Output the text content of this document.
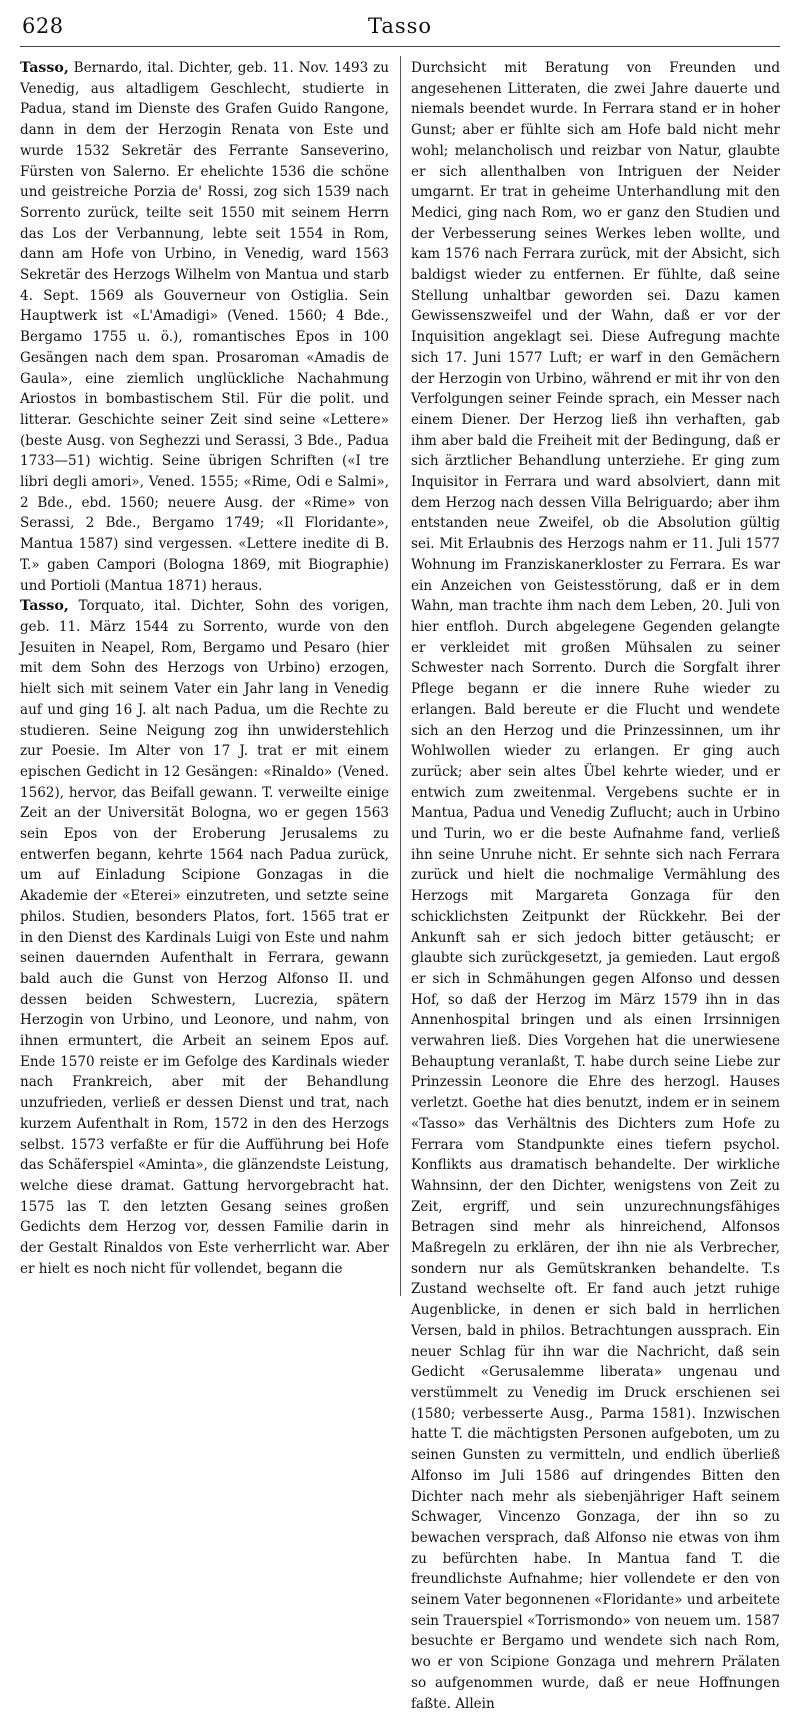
628	Tasso

Tasso, Bernardo, ital. Dichter, geb. 11. Nov. 1493 zu Venedig, aus altadligem Geschlecht, studierte in Padua, stand im Dienste des Grafen Guido Rangone, dann in dem der Herzogin Renata von Este und wurde 1532 Sekretär des Ferrante Sanseverino, Fürsten von Salerno. Er ehelichte 1536 die schöne und geistreiche Porzia de' Rossi, zog sich 1539 nach Sorrento zurück, teilte seit 1550 mit seinem Herrn das Los der Verbannung, lebte seit 1554 in Rom, dann am Hofe von Urbino, in Venedig, ward 1563 Sekretär des Herzogs Wilhelm von Mantua und starb 4. Sept. 1569 als Gouverneur von Ostiglia. Sein Hauptwerk ist «L'Amadigi» (Vened. 1560; 4 Bde., Bergamo 1755 u. ö.), romantisches Epos in 100 Gesängen nach dem span. Prosaroman «Amadis de Gaula», eine ziemlich unglückliche Nachahmung Ariostos in bombastischem Stil. Für die polit. und litterar. Geschichte seiner Zeit sind seine «Lettere» (beste Ausg. von Seghezzi und Serassi, 3 Bde., Padua 1733—51) wichtig. Seine übrigen Schriften («I tre libri degli amori», Vened. 1555; «Rime, Odi e Salmi», 2 Bde., ebd. 1560; neuere Ausg. der «Rime» von Serassi, 2 Bde., Bergamo 1749; «Il Floridante», Mantua 1587) sind vergessen. «Lettere inedite di B. T.» gaben Campori (Bologna 1869, mit Biographie) und Portioli (Mantua 1871) heraus.

Tasso, Torquato, ital. Dichter, Sohn des vorigen, geb. 11. März 1544 zu Sorrento, wurde von den Jesuiten in Neapel, Rom, Bergamo und Pesaro (hier mit dem Sohn des Herzogs von Urbino) erzogen, hielt sich mit seinem Vater ein Jahr lang in Venedig auf und ging 16 J. alt nach Padua, um die Rechte zu studieren. Seine Neigung zog ihn unwiderstehlich zur Poesie. Im Alter von 17 J. trat er mit einem epischen Gedicht in 12 Gesängen: «Rinaldo» (Vened. 1562), hervor, das Beifall gewann. T. verweilte einige Zeit an der Universität Bologna, wo er gegen 1563 sein Epos von der Eroberung Jerusalems zu entwerfen begann, kehrte 1564 nach Padua zurück, um auf Einladung Scipione Gonzagas in die Akademie der «Eterei» einzutreten, und setzte seine philos. Studien, besonders Platos, fort. 1565 trat er in den Dienst des Kardinals Luigi von Este und nahm seinen dauernden Aufenthalt in Ferrara, gewann bald auch die Gunst von Herzog Alfonso II. und dessen beiden Schwestern, Lucrezia, spätern Herzogin von Urbino, und Leonore, und nahm, von ihnen ermuntert, die Arbeit an seinem Epos auf. Ende 1570 reiste er im Gefolge des Kardinals wieder nach Frankreich, aber mit der Behandlung unzufrieden, verließ er dessen Dienst und trat, nach kurzem Aufenthalt in Rom, 1572 in den des Herzogs selbst. 1573 verfaßte er für die Aufführung bei Hofe das Schäferspiel «Aminta», die glänzendste Leistung, welche diese dramat. Gattung hervorgebracht hat. 1575 las T. den letzten Gesang seines großen Gedichts dem Herzog vor, dessen Familie darin in der Gestalt Rinaldos von Este verherrlicht war. Aber er hielt es noch nicht für vollendet, begann die

Durchsicht mit Beratung von Freunden und angesehenen Litteraten, die zwei Jahre dauerte und niemals beendet wurde. In Ferrara stand er in hoher Gunst; aber er fühlte sich am Hofe bald nicht mehr wohl; melancholisch und reizbar von Natur, glaubte er sich allenthalben von Intriguen der Neider umgarnt. Er trat in geheime Unterhandlung mit den Medici, ging nach Rom, wo er ganz den Studien und der Verbesserung seines Werkes leben wollte, und kam 1576 nach Ferrara zurück, mit der Absicht, sich baldigst wieder zu entfernen. Er fühlte, daß seine Stellung unhaltbar geworden sei. Dazu kamen Gewissenszweifel und der Wahn, daß er vor der Inquisition angeklagt sei. Diese Aufregung machte sich 17. Juni 1577 Luft; er warf in den Gemächern der Herzogin von Urbino, während er mit ihr von den Verfolgungen seiner Feinde sprach, ein Messer nach einem Diener. Der Herzog ließ ihn verhaften, gab ihm aber bald die Freiheit mit der Bedingung, daß er sich ärztlicher Behandlung unterziehe. Er ging zum Inquisitor in Ferrara und ward absolviert, dann mit dem Herzog nach dessen Villa Belriguardo; aber ihm entstanden neue Zweifel, ob die Absolution gültig sei. Mit Erlaubnis des Herzogs nahm er 11. Juli 1577 Wohnung im Franziskanerkloster zu Ferrara. Es war ein Anzeichen von Geistesstörung, daß er in dem Wahn, man trachte ihm nach dem Leben, 20. Juli von hier entfloh. Durch abgelegene Gegenden gelangte er verkleidet mit großen Mühsalen zu seiner Schwester nach Sorrento. Durch die Sorgfalt ihrer Pflege begann er die innere Ruhe wieder zu erlangen. Bald bereute er die Flucht und wendete sich an den Herzog und die Prinzessinnen, um ihr Wohlwollen wieder zu erlangen. Er ging auch zurück; aber sein altes Übel kehrte wieder, und er entwich zum zweitenmal. Vergebens suchte er in Mantua, Padua und Venedig Zuflucht; auch in Urbino und Turin, wo er die beste Aufnahme fand, verließ ihn seine Unruhe nicht. Er sehnte sich nach Ferrara zurück und hielt die nochmalige Vermählung des Herzogs mit Margareta Gonzaga für den schicklichsten Zeitpunkt der Rückkehr. Bei der Ankunft sah er sich jedoch bitter getäuscht; er glaubte sich zurückgesetzt, ja gemieden. Laut ergoß er sich in Schmähungen gegen Alfonso und dessen Hof, so daß der Herzog im März 1579 ihn in das Annenhospital bringen und als einen Irrsinnigen verwahren ließ. Dies Vorgehen hat die unerwiesene Behauptung veranlaßt, T. habe durch seine Liebe zur Prinzessin Leonore die Ehre des herzogl. Hauses verletzt. Goethe hat dies benutzt, indem er in seinem «Tasso» das Verhältnis des Dichters zum Hofe zu Ferrara vom Standpunkte eines tiefern psychol. Konflikts aus dramatisch behandelte. Der wirkliche Wahnsinn, der den Dichter, wenigstens von Zeit zu Zeit, ergriff, und sein unzurechnungsfähiges Betragen sind mehr als hinreichend, Alfonsos Maßregeln zu erklären, der ihn nie als Verbrecher, sondern nur als Gemütskranken behandelte. T.s Zustand wechselte oft. Er fand auch jetzt ruhige Augenblicke, in denen er sich bald in herrlichen Versen, bald in philos. Betrachtungen aussprach. Ein neuer Schlag für ihn war die Nachricht, daß sein Gedicht «Gerusalemme liberata» ungenau und verstümmelt zu Venedig im Druck erschienen sei (1580; verbesserte Ausg., Parma 1581). Inzwischen hatte T. die mächtigsten Personen aufgeboten, um zu seinen Gunsten zu vermitteln, und endlich überließ Alfonso im Juli 1586 auf dringendes Bitten den Dichter nach mehr als siebenjähriger Haft seinem Schwager, Vincenzo Gonzaga, der ihn so zu bewachen versprach, daß Alfonso nie etwas von ihm zu befürchten habe. In Mantua fand T. die freundlichste Aufnahme; hier vollendete er den von seinem Vater begonnenen «Floridante» und arbeitete sein Trauerspiel «Torrismondo» von neuem um. 1587 besuchte er Bergamo und wendete sich nach Rom, wo er von Scipione Gonzaga und mehrern Prälaten so aufgenommen wurde, daß er neue Hoffnungen faßte. Allein
